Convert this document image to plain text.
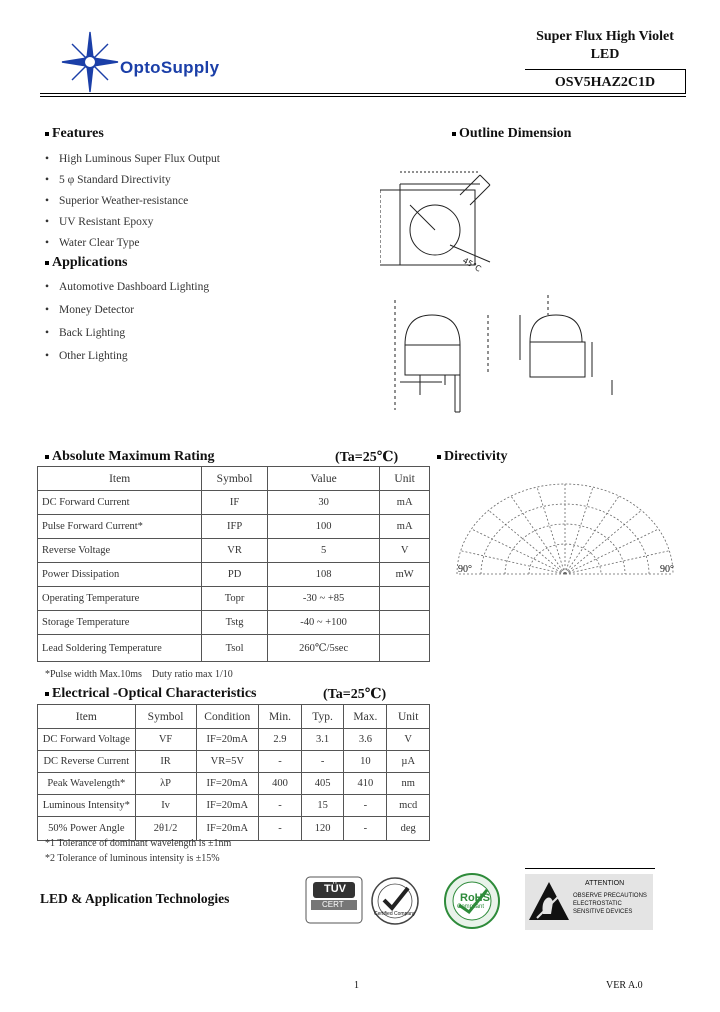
OptoSupply
Super Flux High Violet
LED
OSV5HAZ2C1D
Features
• High Luminous Super Flux Output
• 5 φ Standard Directivity
• Superior Weather-resistance
• UV Resistant Epoxy
• Water Clear Type
Applications
• Automotive Dashboard Lighting
• Money Detector
• Back Lighting
• Other Lighting
Outline Dimension
45°C
Absolute Maximum Rating	(Ta=25℃)
Item	Symbol	Value	Unit
DC Forward Current	IF	30	mA
Pulse Forward Current*	IFP	100	mA
Reverse Voltage	VR	5	V
Power Dissipation	PD	108	mW
Operating Temperature	Topr	-30 ~ +85	
Storage Temperature	Tstg	-40 ~ +100	
Lead Soldering Temperature	Tsol	260℃/5sec	
*Pulse width Max.10ms    Duty ratio max 1/10
Directivity
90°	90°
Electrical -Optical Characteristics	(Ta=25℃)
Item	Symbol	Condition	Min.	Typ.	Max.	Unit
DC Forward Voltage	VF	IF=20mA	2.9	3.1	3.6	V
DC Reverse Current	IR	VR=5V	-	-	10	µA
Peak Wavelength*	λP	IF=20mA	400	405	410	nm
Luminous Intensity*	Iv	IF=20mA	-	15	-	mcd
50% Power Angle	2θ1/2	IF=20mA	-	120	-	deg
*1 Tolerance of dominant wavelength is ±1nm
*2 Tolerance of luminous intensity is ±15%
LED & Application Technologies
TÜV
CERT
Certified Company
RoHS
Compliant
ATTENTION
OBSERVE PRECAUTIONS
ELECTROSTATIC
SENSITIVE DEVICES
1	VER A.0
